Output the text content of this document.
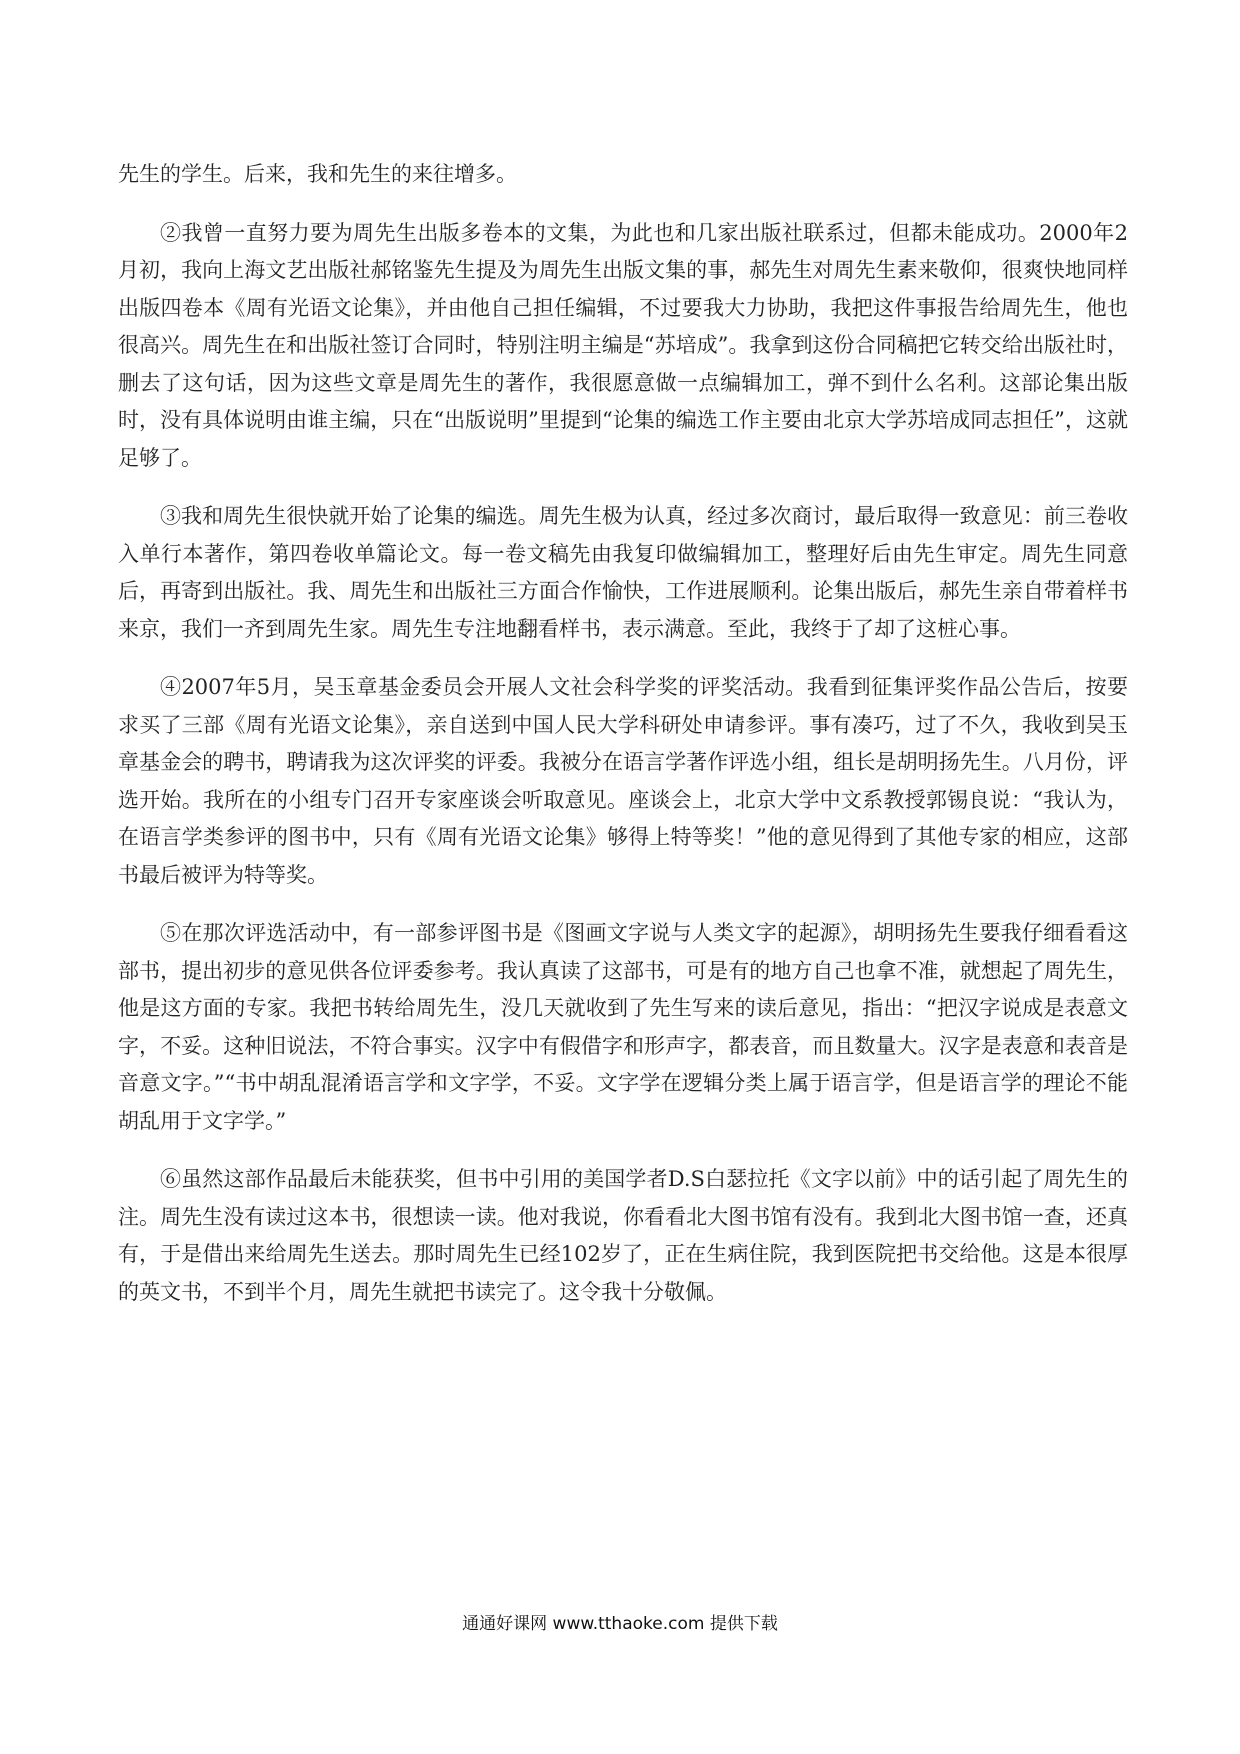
先生的学生。后来，我和先生的来往增多。

②我曾一直努力要为周先生出版多卷本的文集，为此也和几家出版社联系过，但都未能成功。2000年2月初，我向上海文艺出版社郝铭鉴先生提及为周先生出版文集的事，郝先生对周先生素来敬仰，很爽快地同样出版四卷本《周有光语文论集》，并由他自己担任编辑，不过要我大力协助，我把这件事报告给周先生，他也很高兴。周先生在和出版社签订合同时，特别注明主编是“苏培成”。我拿到这份合同稿把它转交给出版社时，删去了这句话，因为这些文章是周先生的著作，我很愿意做一点编辑加工，弹不到什么名利。这部论集出版时，没有具体说明由谁主编，只在“出版说明”里提到“论集的编选工作主要由北京大学苏培成同志担任”，这就足够了。

③我和周先生很快就开始了论集的编选。周先生极为认真，经过多次商讨，最后取得一致意见：前三卷收入单行本著作，第四卷收单篇论文。每一卷文稿先由我复印做编辑加工，整理好后由先生审定。周先生同意后，再寄到出版社。我、周先生和出版社三方面合作愉快，工作进展顺利。论集出版后，郝先生亲自带着样书来京，我们一齐到周先生家。周先生专注地翻看样书，表示满意。至此，我终于了却了这桩心事。

④2007年5月，吴玉章基金委员会开展人文社会科学奖的评奖活动。我看到征集评奖作品公告后，按要求买了三部《周有光语文论集》，亲自送到中国人民大学科研处申请参评。事有凑巧，过了不久，我收到吴玉章基金会的聘书，聘请我为这次评奖的评委。我被分在语言学著作评选小组，组长是胡明扬先生。八月份，评选开始。我所在的小组专门召开专家座谈会听取意见。座谈会上，北京大学中文系教授郭锡良说：“我认为，在语言学类参评的图书中，只有《周有光语文论集》够得上特等奖！”他的意见得到了其他专家的相应，这部书最后被评为特等奖。

⑤在那次评选活动中，有一部参评图书是《图画文字说与人类文字的起源》，胡明扬先生要我仔细看看这部书，提出初步的意见供各位评委参考。我认真读了这部书，可是有的地方自己也拿不准，就想起了周先生，他是这方面的专家。我把书转给周先生，没几天就收到了先生写来的读后意见，指出：“把汉字说成是表意文字，不妥。这种旧说法，不符合事实。汉字中有假借字和形声字，都表音，而且数量大。汉字是表意和表音是音意文字。”“书中胡乱混淆语言学和文字学，不妥。文字学在逻辑分类上属于语言学，但是语言学的理论不能胡乱用于文字学。”

⑥虽然这部作品最后未能获奖，但书中引用的美国学者D.S白瑟拉托《文字以前》中的话引起了周先生的注。周先生没有读过这本书，很想读一读。他对我说，你看看北大图书馆有没有。我到北大图书馆一查，还真有，于是借出来给周先生送去。那时周先生已经102岁了，正在生病住院，我到医院把书交给他。这是本很厚的英文书，不到半个月，周先生就把书读完了。这令我十分敬佩。

通通好课网 www.tthaoke.com 提供下载
